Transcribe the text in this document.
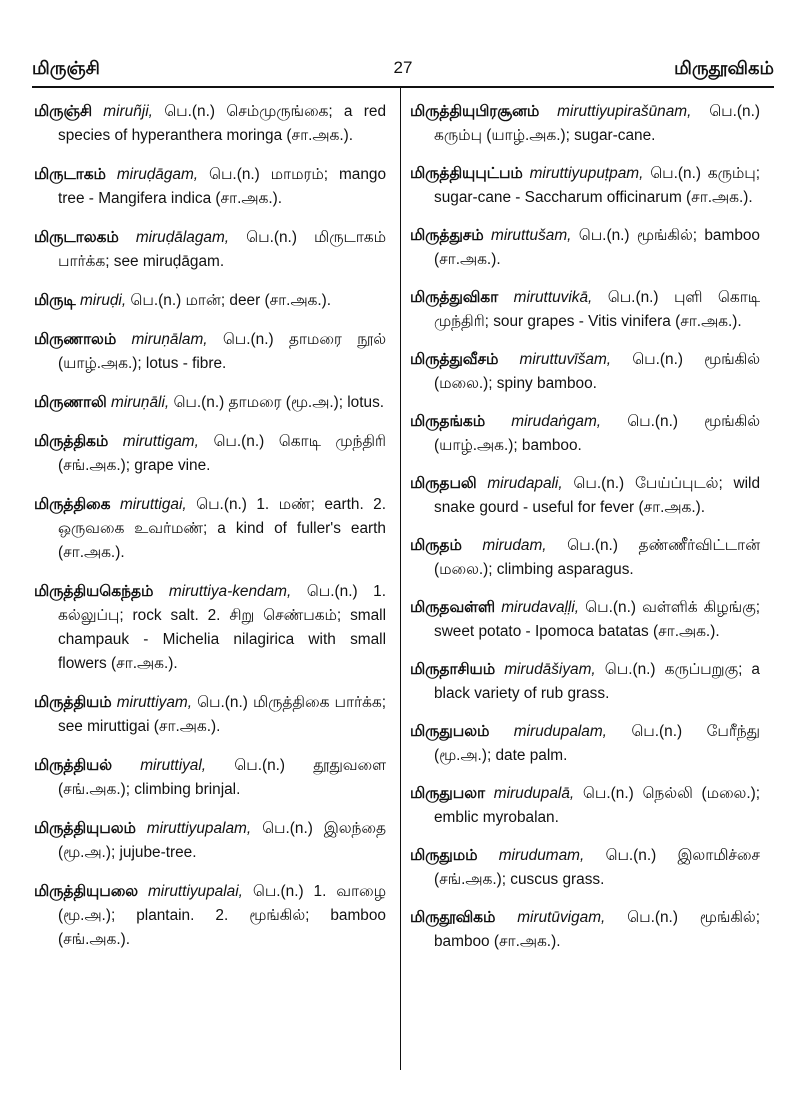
மிருஞ்சி	27	மிருதூவிகம்
மிருஞ்சி miruñji, பெ.(n.) செம்முருங்கை; a red species of hyperanthera moringa (சா.அக.).
மிருடாகம் miruḍāgam, பெ.(n.) மாமரம்; mango tree - Mangifera indica (சா.அக.).
மிருடாலகம் miruḍālagam, பெ.(n.) மிருடாகம் பார்க்க; see miruḍāgam.
மிருடி miruḍi, பெ.(n.) மான்; deer (சா.அக.).
மிருணாலம் miruṇālam, பெ.(n.) தாமரை நூல் (யாழ்.அக.); lotus - fibre.
மிருணாலி miruṇāli, பெ.(n.) தாமரை (மூ.அ.); lotus.
மிருத்திகம் miruttigam, பெ.(n.) கொடி முந்திரி (சங்.அக.); grape vine.
மிருத்திகை miruttigai, பெ.(n.) 1. மண்; earth. 2. ஒருவகை உவர்மண்; a kind of fuller's earth (சா.அக.).
மிருத்தியகெந்தம் miruttiya-kendam, பெ.(n.) 1. கல்லுப்பு; rock salt. 2. சிறு செண்பகம்; small champauk - Michelia nilagirica with small flowers (சா.அக.).
மிருத்தியம் miruttiyam, பெ.(n.) மிருத்திகை பார்க்க; see miruttigai (சா.அக.).
மிருத்தியல் miruttiyal, பெ.(n.) தூதுவளை (சங்.அக.); climbing brinjal.
மிருத்தியுபலம் miruttiyupalam, பெ.(n.) இலந்தை (மூ.அ.); jujube-tree.
மிருத்தியுபலை miruttiyupalai, பெ.(n.) 1. வாழை (மூ.அ.); plantain. 2. மூங்கில்; bamboo (சங்.அக.).
மிருத்தியுபிரசூனம் miruttiyupirašūnam, பெ.(n.) கரும்பு (யாழ்.அக.); sugar-cane.
மிருத்தியுபுட்பம் miruttiyupuṭpam, பெ.(n.) கரும்பு; sugar-cane - Saccharum officinarum (சா.அக.).
மிருத்துசம் miruttušam, பெ.(n.) மூங்கில்; bamboo (சா.அக.).
மிருத்துவிகா miruttuvikā, பெ.(n.) புளி கொடி முந்திரி; sour grapes - Vitis vinifera (சா.அக.).
மிருத்துவீசம் miruttuvīšam, பெ.(n.) மூங்கில் (மலை.); spiny bamboo.
மிருதங்கம் mirudaṅgam, பெ.(n.) மூங்கில் (யாழ்.அக.); bamboo.
மிருதபலி mirudapali, பெ.(n.) பேய்ப்புடல்; wild snake gourd - useful for fever (சா.அக.).
மிருதம் mirudam, பெ.(n.) தண்ணீர்விட்டான் (மலை.); climbing asparagus.
மிருதவள்ளி mirudavaḷḷi, பெ.(n.) வள்ளிக் கிழங்கு; sweet potato - Ipomoca batatas (சா.அக.).
மிருதாசியம் mirudāšiyam, பெ.(n.) கருப்பறுகு; a black variety of rub grass.
மிருதுபலம் mirudupalam, பெ.(n.) பேரீந்து (மூ.அ.); date palm.
மிருதுபலா mirudupalā, பெ.(n.) நெல்லி (மலை.); emblic myrobalan.
மிருதுமம் mirudumam, பெ.(n.) இலாமிச்சை (சங்.அக.); cuscus grass.
மிருதூவிகம் mirutūvigam, பெ.(n.) மூங்கில்; bamboo (சா.அக.).
